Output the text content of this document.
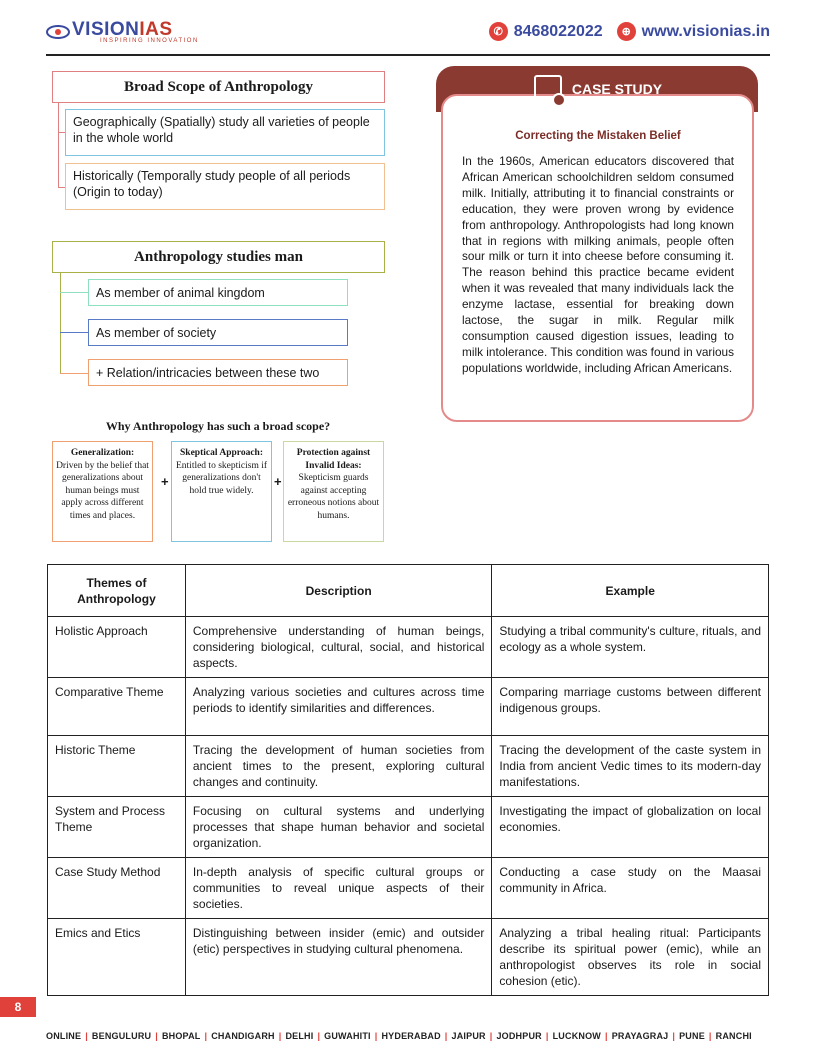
VISIONIAS
INSPIRING INNOVATION
✆ 8468022022	⊕ www.visionias.in
Broad Scope of Anthropology
Geographically (Spatially) study all varieties of people in the whole world
Historically (Temporally study people of all periods (Origin to today)
Anthropology studies man
As member of animal kingdom
As member of society
+ Relation/intricacies between these two
Why Anthropology has such a broad scope?
Generalization:
Driven by the belief that generalizations about human beings must apply across different times and places.
+
Skeptical Approach:
Entitled to skepticism if generalizations don't hold true widely.
+
Protection against Invalid Ideas:
Skepticism guards against accepting erroneous notions about humans.
Correcting the Mistaken Belief
In the 1960s, American educators discovered that African American schoolchildren seldom consumed milk. Initially, attributing it to financial constraints or education, they were proven wrong by evidence from anthropology. Anthropologists had long known that in regions with milking animals, people often sour milk or turn it into cheese before consuming it. The reason behind this practice became evident when it was revealed that many individuals lack the enzyme lactase, essential for breaking down lactose, the sugar in milk. Regular milk consumption caused digestion issues, leading to milk intolerance. This condition was found in various populations worldwide, including African Americans.
CASE STUDY
Themes of Anthropology	Description	Example
Holistic Approach	Comprehensive understanding of human beings, considering biological, cultural, social, and historical aspects.	Studying a tribal community's culture, rituals, and ecology as a whole system.
Comparative Theme	Analyzing various societies and cultures across time periods to identify similarities and differences.	Comparing marriage customs between different indigenous groups.
Historic Theme	Tracing the development of human societies from ancient times to the present, exploring cultural changes and continuity.	Tracing the development of the caste system in India from ancient Vedic times to its modern-day manifestations.
System and Process Theme	Focusing on cultural systems and underlying processes that shape human behavior and societal organization.	Investigating the impact of globalization on local economies.
Case Study Method	In-depth analysis of specific cultural groups or communities to reveal unique aspects of their societies.	Conducting a case study on the Maasai community in Africa.
Emics and Etics	Distinguishing between insider (emic) and outsider (etic) perspectives in studying cultural phenomena.	Analyzing a tribal healing ritual: Participants describe its spiritual power (emic), while an anthropologist observes its role in social cohesion (etic).
8
ONLINE | BENGULURU | BHOPAL | CHANDIGARH | DELHI | GUWAHITI | HYDERABAD | JAIPUR | JODHPUR | LUCKNOW | PRAYAGRAJ | PUNE | RANCHI
